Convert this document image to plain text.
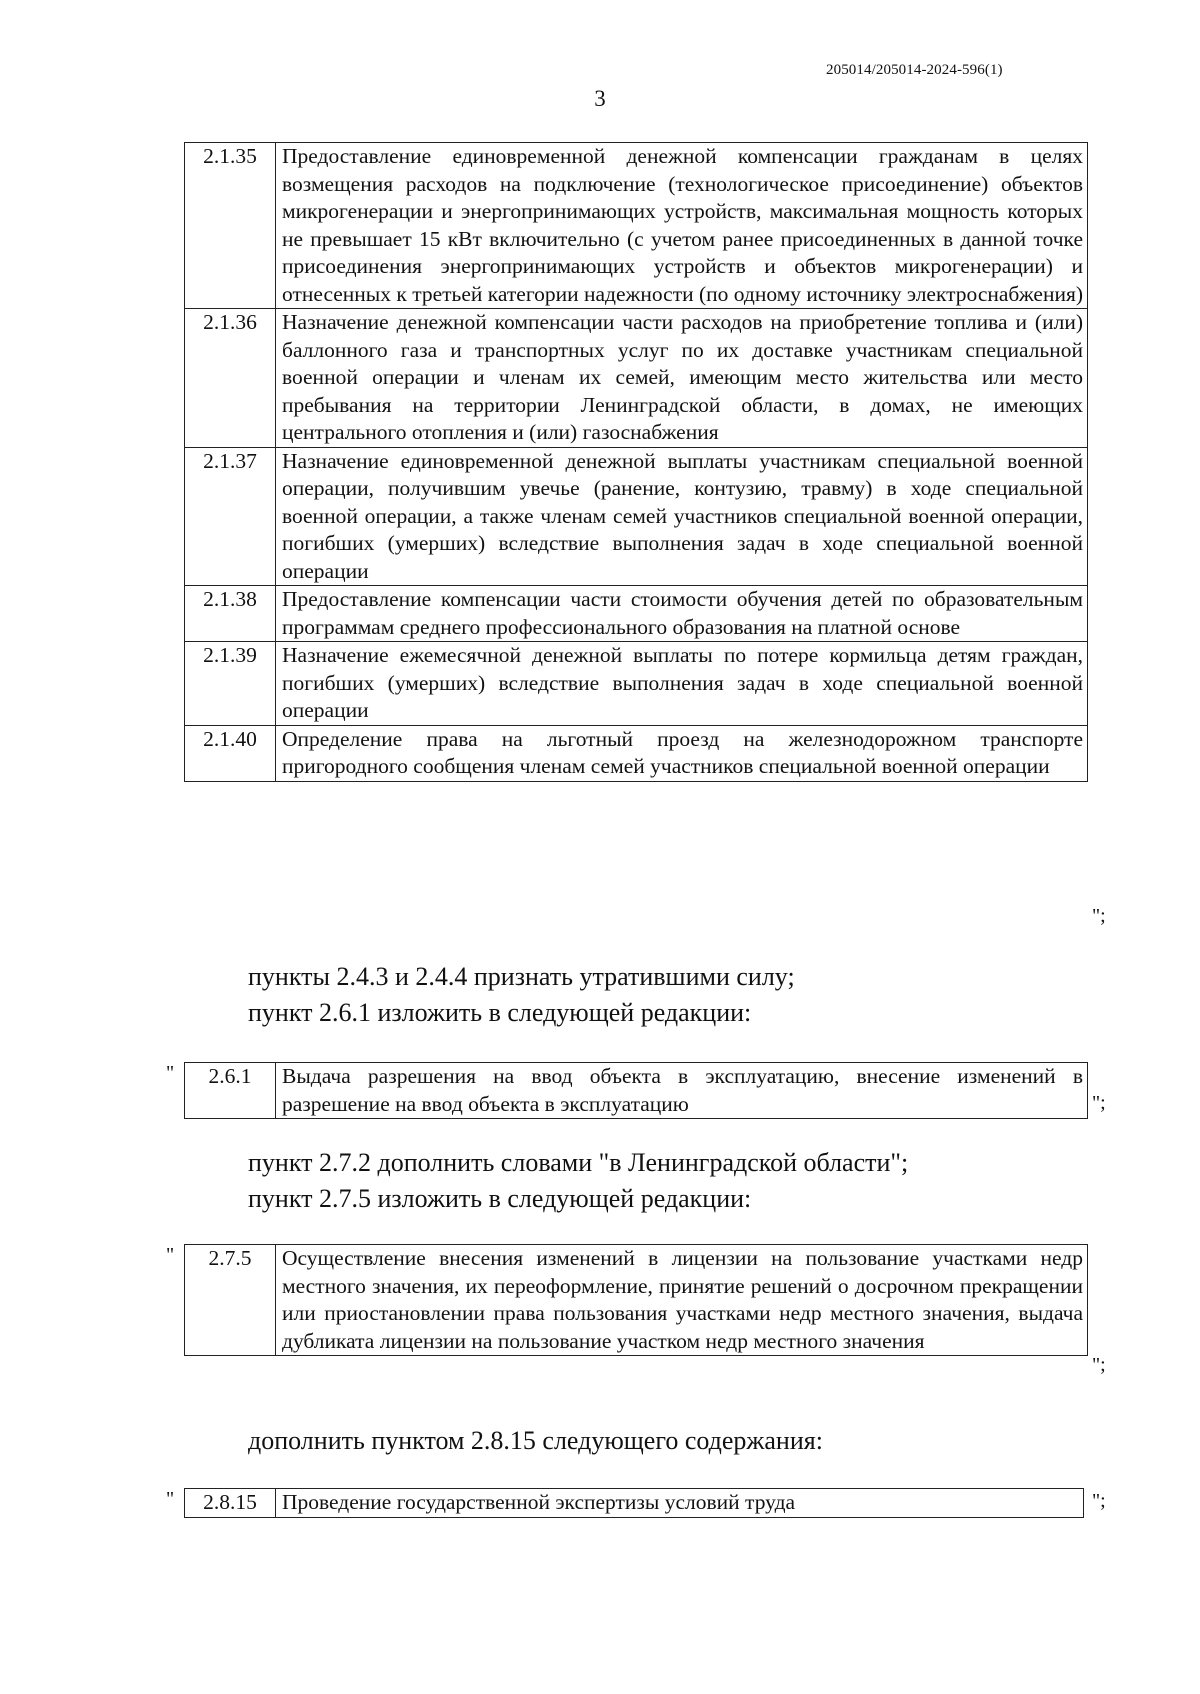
205014/205014-2024-596(1)
3
2.1.35	Предоставление единовременной денежной компенсации гражданам в целях возмещения расходов на подключение (технологическое присоединение) объектов микрогенерации и энергопринимающих устройств, максимальная мощность которых не превышает 15 кВт включительно (с учетом ранее присоединенных в данной точке присоединения энергопринимающих устройств и объектов микрогенерации) и отнесенных к третьей категории надежности (по одному источнику электроснабжения)
2.1.36	Назначение денежной компенсации части расходов на приобретение топлива и (или) баллонного газа и транспортных услуг по их доставке участникам специальной военной операции и членам их семей, имеющим место жительства или место пребывания на территории Ленинградской области, в домах, не имеющих центрального отопления и (или) газоснабжения
2.1.37	Назначение единовременной денежной выплаты участникам специальной военной операции, получившим увечье (ранение, контузию, травму) в ходе специальной военной операции, а также членам семей участников специальной военной операции, погибших (умерших) вследствие выполнения задач в ходе специальной военной операции
2.1.38	Предоставление компенсации части стоимости обучения детей по образовательным программам среднего профессионального образования на платной основе
2.1.39	Назначение ежемесячной денежной выплаты по потере кормильца детям граждан, погибших (умерших) вследствие выполнения задач в ходе специальной военной операции
2.1.40	Определение права на льготный проезд на железнодорожном транспорте пригородного сообщения членам семей участников специальной военной операции
";
пункты 2.4.3 и 2.4.4 признать утратившими силу;
пункт 2.6.1 изложить в следующей редакции:
" 2.6.1	Выдача разрешения на ввод объекта в эксплуатацию, внесение изменений в разрешение на ввод объекта в эксплуатацию	";
пункт 2.7.2 дополнить словами "в Ленинградской области";
пункт 2.7.5 изложить в следующей редакции:
" 2.7.5	Осуществление внесения изменений в лицензии на пользование участками недр местного значения, их переоформление, принятие решений о досрочном прекращении или приостановлении права пользования участками недр местного значения, выдача дубликата лицензии на пользование участком недр местного значения
";
дополнить пунктом 2.8.15 следующего содержания:
" 2.8.15	Проведение государственной экспертизы условий труда	";
